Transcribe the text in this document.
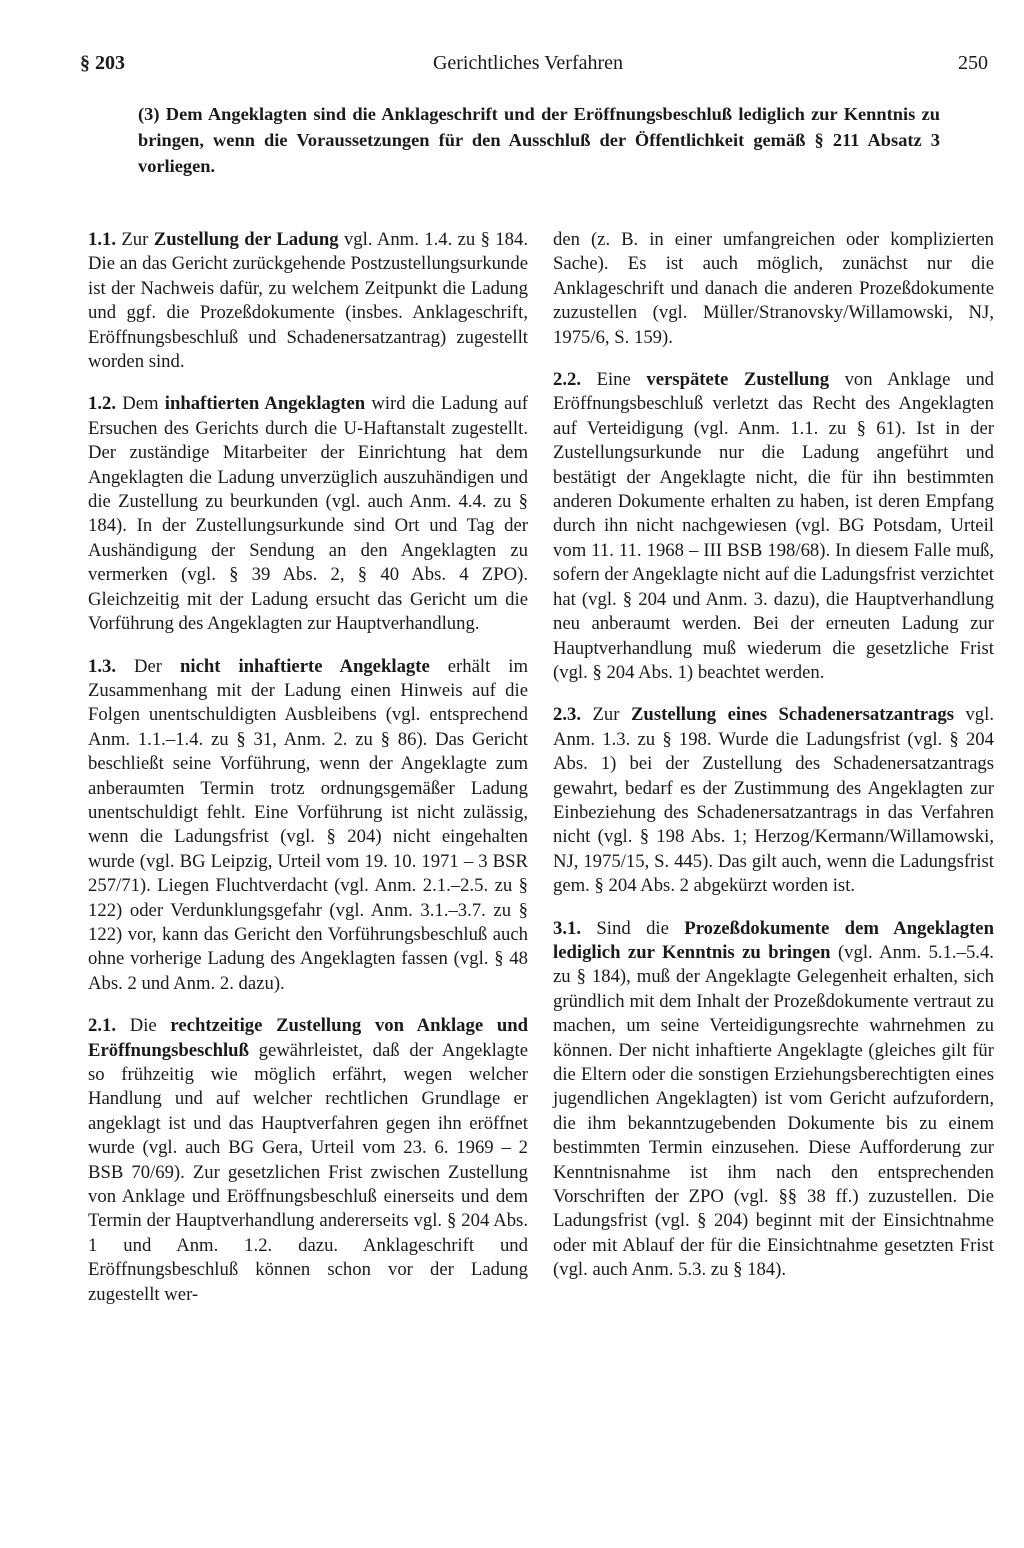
§ 203	Gerichtliches Verfahren	250
(3) Dem Angeklagten sind die Anklageschrift und der Eröffnungsbeschluß lediglich zur Kenntnis zu bringen, wenn die Voraussetzungen für den Ausschluß der Öffentlichkeit gemäß § 211 Absatz 3 vorliegen.

1.1. Zur Zustellung der Ladung vgl. Anm. 1.4. zu § 184. Die an das Gericht zurückgehende Postzustellungsurkunde ist der Nachweis dafür, zu welchem Zeitpunkt die Ladung und ggf. die Prozeßdokumente (insbes. Anklageschrift, Eröffnungsbeschluß und Schadenersatzantrag) zugestellt worden sind.

1.2. Dem inhaftierten Angeklagten wird die Ladung auf Ersuchen des Gerichts durch die U-Haftanstalt zugestellt. Der zuständige Mitarbeiter der Einrichtung hat dem Angeklagten die Ladung unverzüglich auszuhändigen und die Zustellung zu beurkunden (vgl. auch Anm. 4.4. zu § 184). In der Zustellungsurkunde sind Ort und Tag der Aushändigung der Sendung an den Angeklagten zu vermerken (vgl. § 39 Abs. 2, § 40 Abs. 4 ZPO). Gleichzeitig mit der Ladung ersucht das Gericht um die Vorführung des Angeklagten zur Hauptverhandlung.

1.3. Der nicht inhaftierte Angeklagte erhält im Zusammenhang mit der Ladung einen Hinweis auf die Folgen unentschuldigten Ausbleibens (vgl. entsprechend Anm. 1.1.–1.4. zu § 31, Anm. 2. zu § 86). Das Gericht beschließt seine Vorführung, wenn der Angeklagte zum anberaumten Termin trotz ordnungsgemäßer Ladung unentschuldigt fehlt. Eine Vorführung ist nicht zulässig, wenn die Ladungsfrist (vgl. § 204) nicht eingehalten wurde (vgl. BG Leipzig, Urteil vom 19. 10. 1971 – 3 BSR 257/71). Liegen Fluchtverdacht (vgl. Anm. 2.1.–2.5. zu § 122) oder Verdunklungsgefahr (vgl. Anm. 3.1.–3.7. zu § 122) vor, kann das Gericht den Vorführungsbeschluß auch ohne vorherige Ladung des Angeklagten fassen (vgl. § 48 Abs. 2 und Anm. 2. dazu).

2.1. Die rechtzeitige Zustellung von Anklage und Eröffnungsbeschluß gewährleistet, daß der Angeklagte so frühzeitig wie möglich erfährt, wegen welcher Handlung und auf welcher rechtlichen Grundlage er angeklagt ist und das Hauptverfahren gegen ihn eröffnet wurde (vgl. auch BG Gera, Urteil vom 23. 6. 1969 – 2 BSB 70/69). Zur gesetzlichen Frist zwischen Zustellung von Anklage und Eröffnungsbeschluß einerseits und dem Termin der Hauptverhandlung andererseits vgl. § 204 Abs. 1 und Anm. 1.2. dazu. Anklageschrift und Eröffnungsbeschluß können schon vor der Ladung zugestellt wer-

den (z. B. in einer umfangreichen oder komplizierten Sache). Es ist auch möglich, zunächst nur die Anklageschrift und danach die anderen Prozeßdokumente zuzustellen (vgl. Müller/Stranovsky/Willamowski, NJ, 1975/6, S. 159).

2.2. Eine verspätete Zustellung von Anklage und Eröffnungsbeschluß verletzt das Recht des Angeklagten auf Verteidigung (vgl. Anm. 1.1. zu § 61). Ist in der Zustellungsurkunde nur die Ladung angeführt und bestätigt der Angeklagte nicht, die für ihn bestimmten anderen Dokumente erhalten zu haben, ist deren Empfang durch ihn nicht nachgewiesen (vgl. BG Potsdam, Urteil vom 11. 11. 1968 – III BSB 198/68). In diesem Falle muß, sofern der Angeklagte nicht auf die Ladungsfrist verzichtet hat (vgl. § 204 und Anm. 3. dazu), die Hauptverhandlung neu anberaumt werden. Bei der erneuten Ladung zur Hauptverhandlung muß wiederum die gesetzliche Frist (vgl. § 204 Abs. 1) beachtet werden.

2.3. Zur Zustellung eines Schadenersatzantrags vgl. Anm. 1.3. zu § 198. Wurde die Ladungsfrist (vgl. § 204 Abs. 1) bei der Zustellung des Schadenersatzantrags gewahrt, bedarf es der Zustimmung des Angeklagten zur Einbeziehung des Schadenersatzantrags in das Verfahren nicht (vgl. § 198 Abs. 1; Herzog/Kermann/Willamowski, NJ, 1975/15, S. 445). Das gilt auch, wenn die Ladungsfrist gem. § 204 Abs. 2 abgekürzt worden ist.

3.1. Sind die Prozeßdokumente dem Angeklagten lediglich zur Kenntnis zu bringen (vgl. Anm. 5.1.–5.4. zu § 184), muß der Angeklagte Gelegenheit erhalten, sich gründlich mit dem Inhalt der Prozeßdokumente vertraut zu machen, um seine Verteidigungsrechte wahrnehmen zu können. Der nicht inhaftierte Angeklagte (gleiches gilt für die Eltern oder die sonstigen Erziehungsberechtigten eines jugendlichen Angeklagten) ist vom Gericht aufzufordern, die ihm bekanntzugebenden Dokumente bis zu einem bestimmten Termin einzusehen. Diese Aufforderung zur Kenntnisnahme ist ihm nach den entsprechenden Vorschriften der ZPO (vgl. §§ 38 ff.) zuzustellen. Die Ladungsfrist (vgl. § 204) beginnt mit der Einsichtnahme oder mit Ablauf der für die Einsichtnahme gesetzten Frist (vgl. auch Anm. 5.3. zu § 184).
